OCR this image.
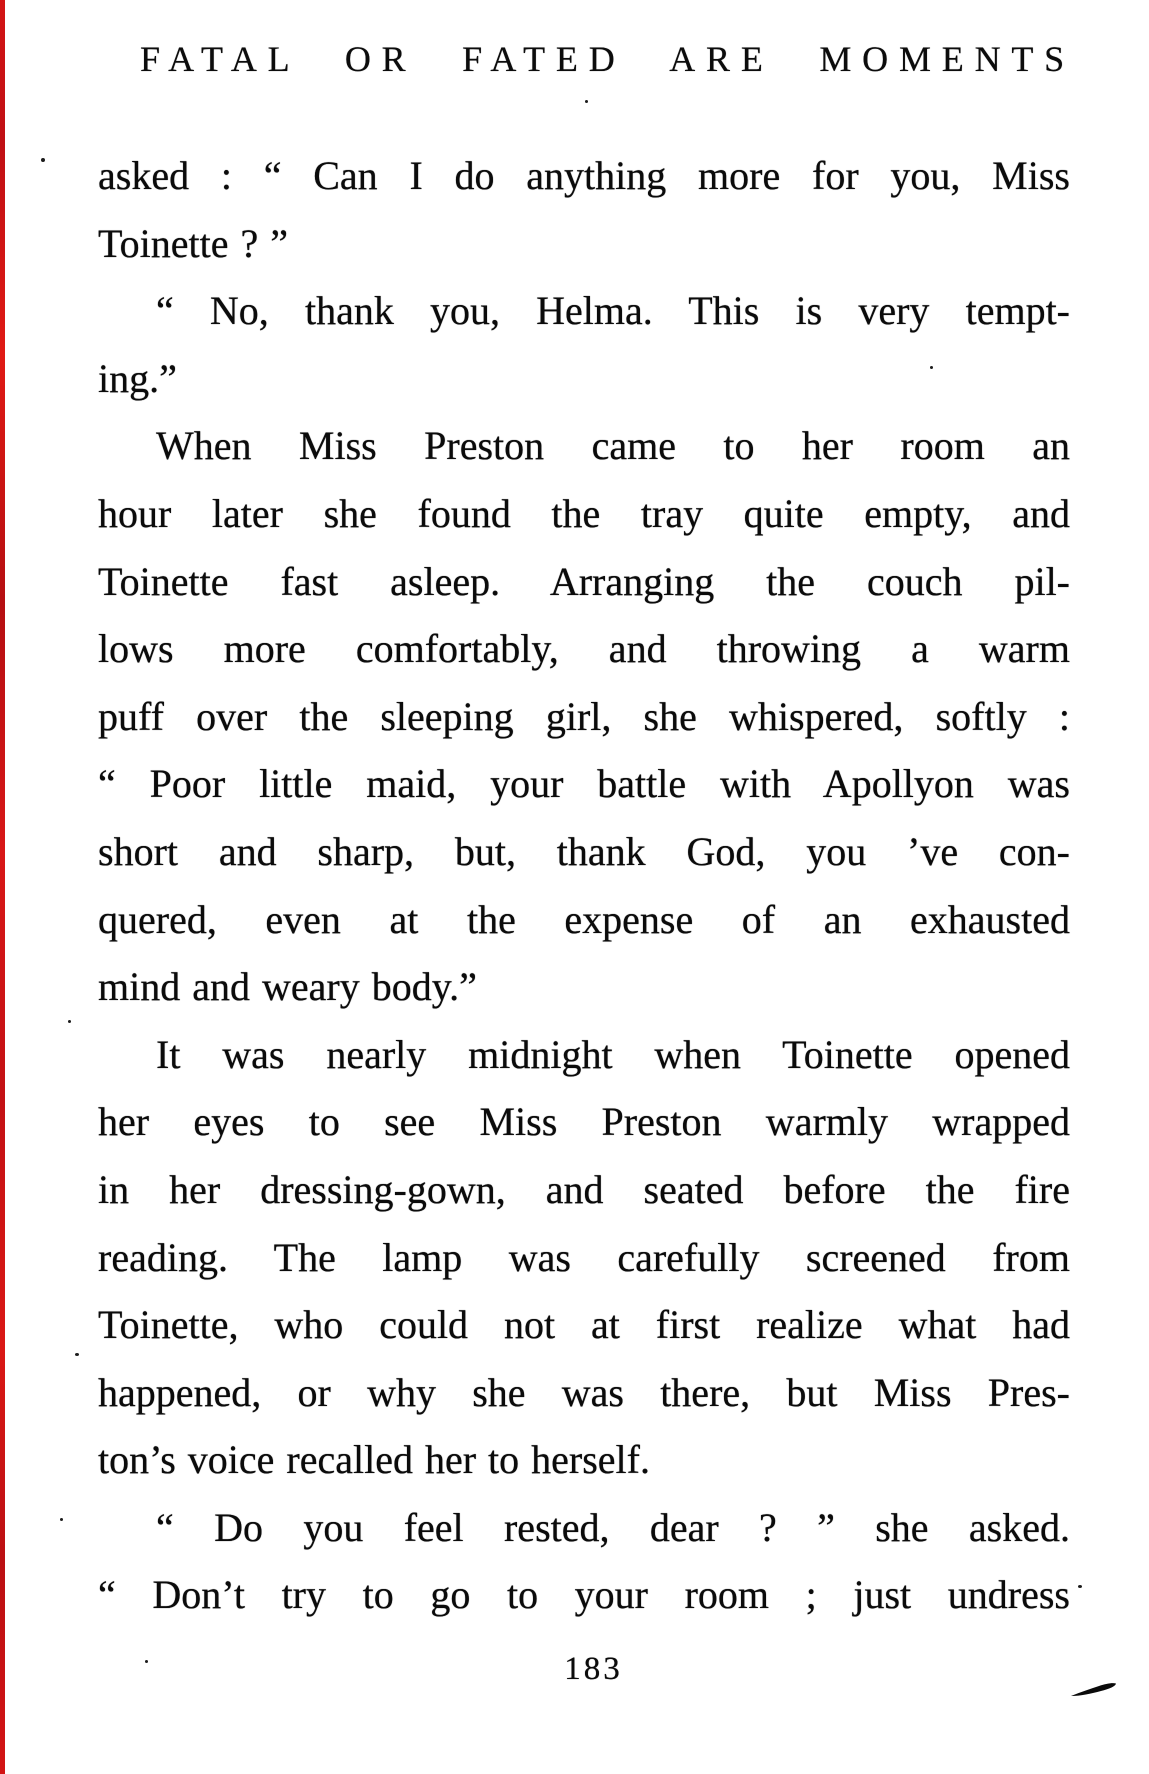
FATAL OR FATED ARE MOMENTS
asked : “ Can I do anything more for you, Miss
Toinette ? ”
“ No, thank you, Helma. This is very tempt-
ing.”
When Miss Preston came to her room an
hour later she found the tray quite empty, and
Toinette fast asleep. Arranging the couch pil-
lows more comfortably, and throwing a warm
puff over the sleeping girl, she whispered, softly :
“ Poor little maid, your battle with Apollyon was
short and sharp, but, thank God, you ’ve con-
quered, even at the expense of an exhausted
mind and weary body.”
It was nearly midnight when Toinette opened
her eyes to see Miss Preston warmly wrapped
in her dressing-gown, and seated before the fire
reading. The lamp was carefully screened from
Toinette, who could not at first realize what had
happened, or why she was there, but Miss Pres-
ton’s voice recalled her to herself.
“ Do you feel rested, dear ? ” she asked.
“ Don’t try to go to your room ; just undress
183
